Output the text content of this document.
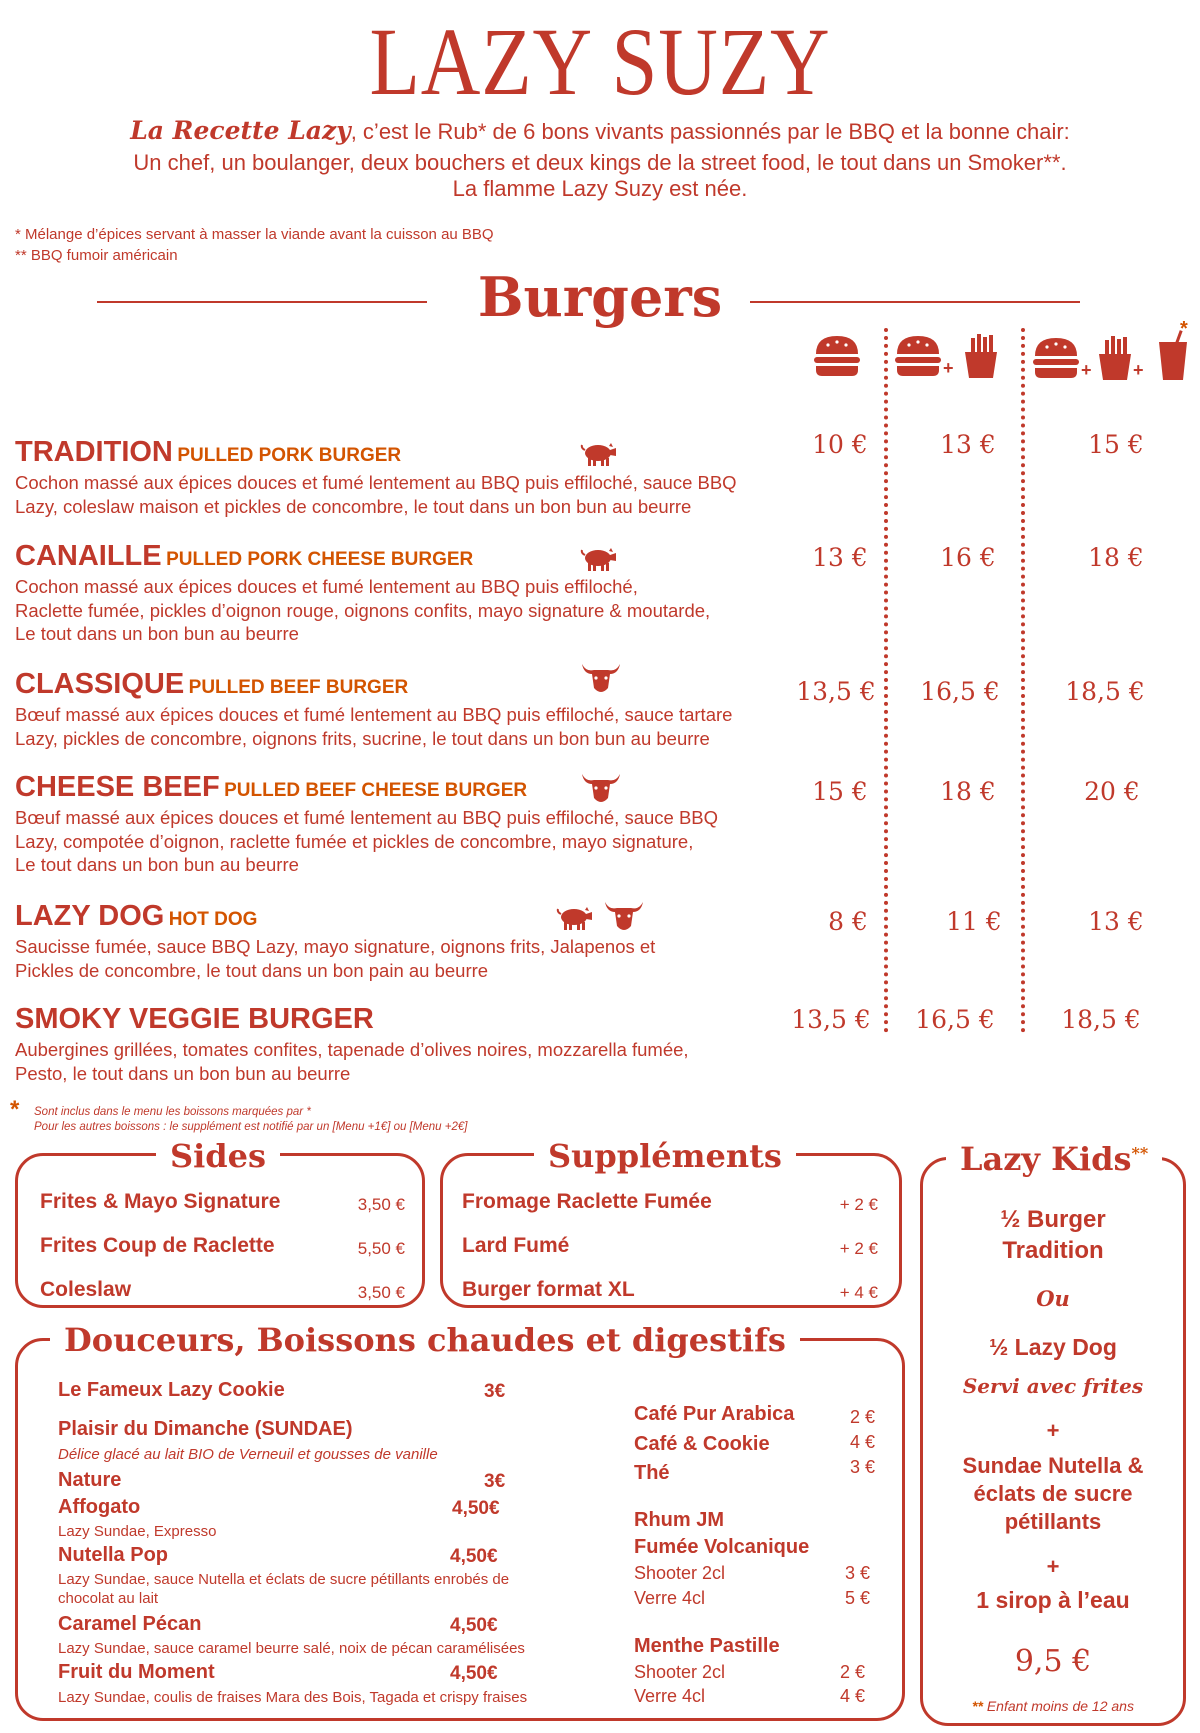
LAZY SUZY
La Recette Lazy, c’est le Rub* de 6 bons vivants passionnés par le BBQ et la bonne chair:
Un chef, un boulanger, deux bouchers et deux kings de la street food, le tout dans un Smoker**.
La flamme Lazy Suzy est née.
* Mélange d’épices servant à masser la viande avant la cuisson au BBQ
** BBQ fumoir américain
Burgers
+	+ +
*
TRADITION PULLED PORK BURGER
Cochon massé aux épices douces et fumé lentement au BBQ puis effiloché, sauce BBQ
Lazy, coleslaw maison et pickles de concombre, le tout dans un bon bun au beurre
10 €	13 €	15 €
CANAILLE PULLED PORK CHEESE BURGER
Cochon massé aux épices douces et fumé lentement au BBQ puis effiloché,
Raclette fumée, pickles d’oignon rouge, oignons confits, mayo signature & moutarde,
Le tout dans un bon bun au beurre
13 €	16 €	18 €
CLASSIQUE PULLED BEEF BURGER
Bœuf massé aux épices douces et fumé lentement au BBQ puis effiloché, sauce tartare
Lazy, pickles de concombre, oignons frits, sucrine, le tout dans un bon bun au beurre
13,5 €	16,5 €	18,5 €
CHEESE BEEF PULLED BEEF CHEESE BURGER
Bœuf massé aux épices douces et fumé lentement au BBQ puis effiloché, sauce BBQ
Lazy, compotée d’oignon, raclette fumée et pickles de concombre, mayo signature,
Le tout dans un bon bun au beurre
15 €	18 €	20 €
LAZY DOG HOT DOG
Saucisse fumée, sauce BBQ Lazy, mayo signature, oignons frits, Jalapenos et
Pickles de concombre, le tout dans un bon pain au beurre
8 €	11 €	13 €
SMOKY VEGGIE BURGER
Aubergines grillées, tomates confites, tapenade d’olives noires, mozzarella fumée,
Pesto, le tout dans un bon bun au beurre
13,5 €	16,5 €	18,5 €
* Sont inclus dans le menu les boissons marquées par *
Pour les autres boissons : le supplément est notifié par un [Menu +1€] ou [Menu +2€]
Sides
Frites & Mayo Signature	3,50 €
Frites Coup de Raclette	5,50 €
Coleslaw	3,50 €
Suppléments
Fromage Raclette Fumée	+ 2 €
Lard Fumé	+ 2 €
Burger format XL	+ 4 €
Lazy Kids**
½ Burger
Tradition
Ou
½ Lazy Dog
Servi avec frites
+
Sundae Nutella &
éclats de sucre
pétillants
+
1 sirop à l’eau
9,5 €
** Enfant moins de 12 ans
Douceurs, Boissons chaudes et digestifs
Le Fameux Lazy Cookie	3€
Plaisir du Dimanche (SUNDAE)
Délice glacé au lait BIO de Verneuil et gousses de vanille
Nature	3€
Affogato	4,50€
Lazy Sundae, Expresso
Nutella Pop	4,50€
Lazy Sundae, sauce Nutella et éclats de sucre pétillants enrobés de
chocolat au lait
Caramel Pécan	4,50€
Lazy Sundae, sauce caramel beurre salé, noix de pécan caramélisées
Fruit du Moment	4,50€
Lazy Sundae, coulis de fraises Mara des Bois, Tagada et crispy fraises
Café Pur Arabica	2 €
Café & Cookie	4 €
Thé	3 €
Rhum JM
Fumée Volcanique
Shooter 2cl	3 €
Verre 4cl	5 €
Menthe Pastille
Shooter 2cl	2 €
Verre 4cl	4 €
